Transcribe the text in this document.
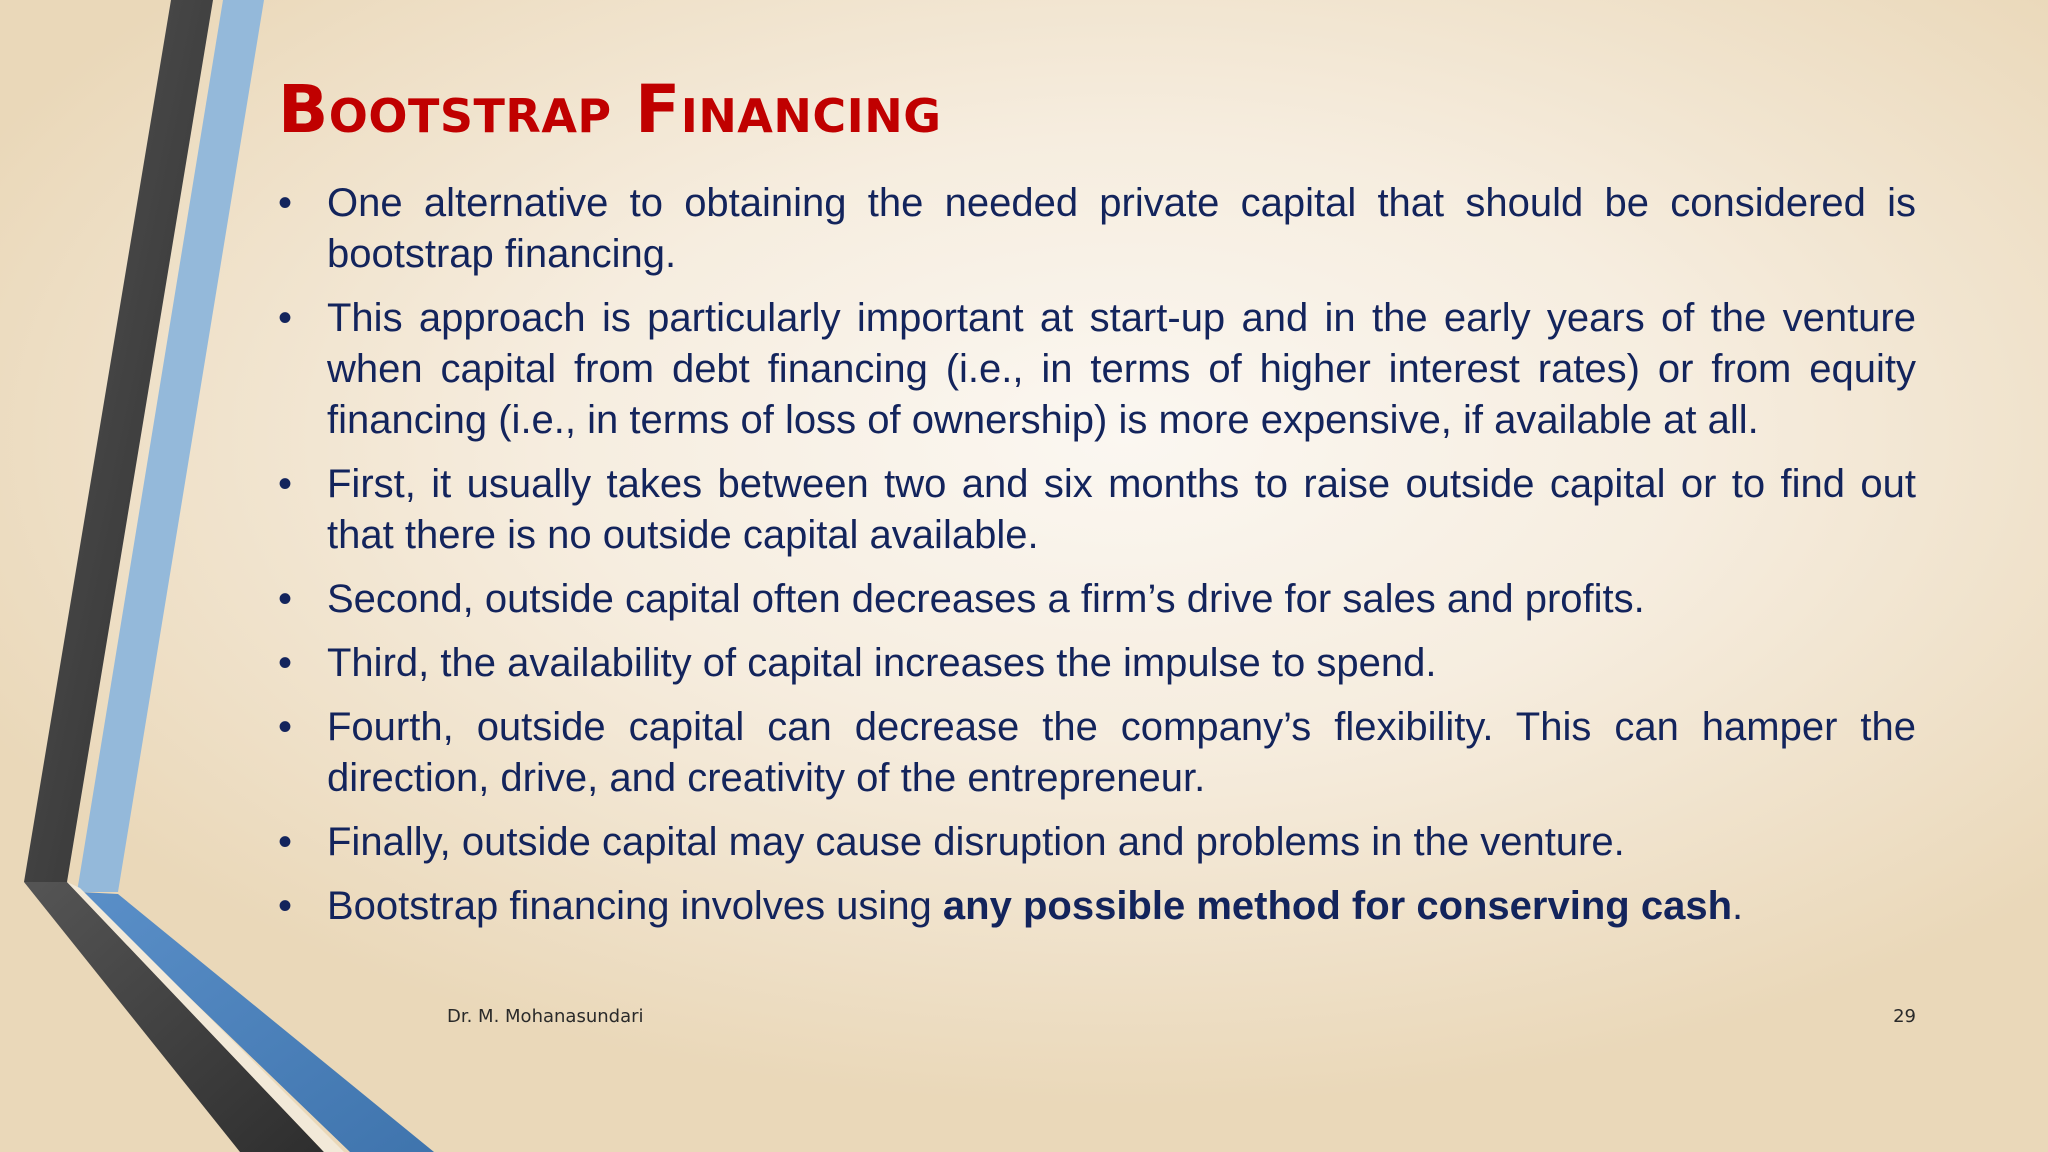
Bootstrap Financing
• One alternative to obtaining the needed private capital that should be considered is bootstrap financing.
• This approach is particularly important at start-up and in the early years of the venture when capital from debt financing (i.e., in terms of higher interest rates) or from equity financing (i.e., in terms of loss of ownership) is more expensive, if available at all.
• First, it usually takes between two and six months to raise outside capital or to find out that there is no outside capital available.
• Second, outside capital often decreases a firm’s drive for sales and profits.
• Third, the availability of capital increases the impulse to spend.
• Fourth, outside capital can decrease the company’s flexibility. This can hamper the direction, drive, and creativity of the entrepreneur.
• Finally, outside capital may cause disruption and problems in the venture.
• Bootstrap financing involves using any possible method for conserving cash.
Dr. M. Mohanasundari	29
